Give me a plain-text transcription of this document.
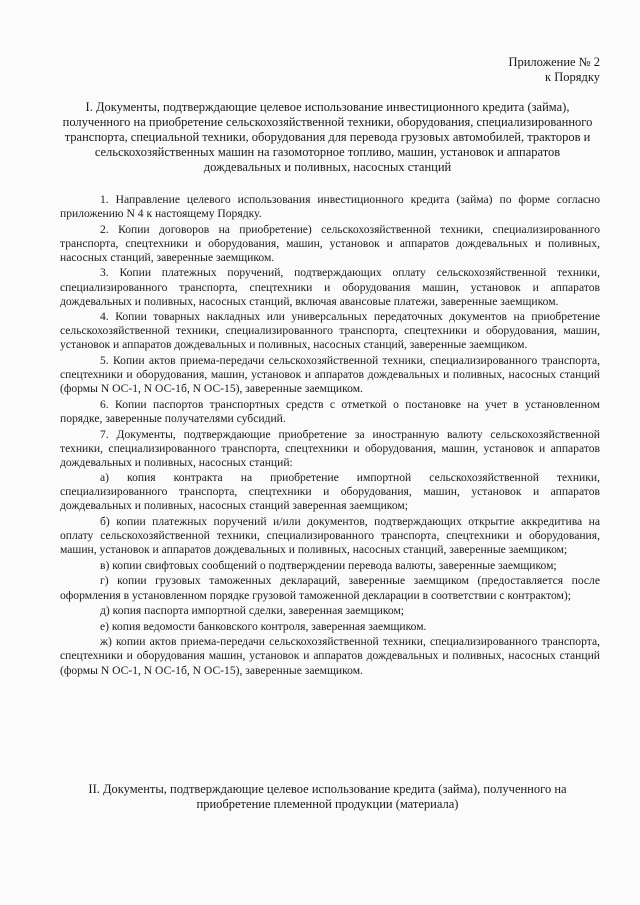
Приложение № 2
к Порядку
I. Документы, подтверждающие целевое использование инвестиционного кредита (займа), полученного на приобретение сельскохозяйственной техники, оборудования, специализированного транспорта, специальной техники, оборудования для перевода грузовых автомобилей, тракторов и сельскохозяйственных машин на газомоторное топливо, машин, установок и аппаратов дождевальных и поливных, насосных станций

1. Направление целевого использования инвестиционного кредита (займа) по форме согласно приложению N 4 к настоящему Порядку.

2. Копии договоров на приобретение) сельскохозяйственной техники, специализированного транспорта, спецтехники и оборудования, машин, установок и аппаратов дождевальных и поливных, насосных станций, заверенные заемщиком.

3. Копии платежных поручений, подтверждающих оплату сельскохозяйственной техники, специализированного транспорта, спецтехники и оборудования машин, установок и аппаратов дождевальных и поливных, насосных станций, включая авансовые платежи, заверенные заемщиком.

4. Копии товарных накладных или универсальных передаточных документов на приобретение сельскохозяйственной техники, специализированного транспорта, спецтехники и оборудования, машин, установок и аппаратов дождевальных и поливных, насосных станций, заверенные заемщиком.

5. Копии актов приема-передачи сельскохозяйственной техники, специализированного транспорта, спецтехники и оборудования, машин, установок и аппаратов дождевальных и поливных, насосных станций (формы N ОС-1, N ОС-1б, N ОС-15), заверенные заемщиком.

6. Копии паспортов транспортных средств с отметкой о постановке на учет в установленном порядке, заверенные получателями субсидий.

7. Документы, подтверждающие приобретение за иностранную валюту сельскохозяйственной техники, специализированного транспорта, спецтехники и оборудования, машин, установок и аппаратов дождевальных и поливных, насосных станций:

а) копия контракта на приобретение импортной сельскохозяйственной техники, специализированного транспорта, спецтехники и оборудования, машин, установок и аппаратов дождевальных и поливных, насосных станций заверенная заемщиком;

б) копии платежных поручений и/или документов, подтверждающих открытие аккредитива на оплату сельскохозяйственной техники, специализированного транспорта, спецтехники и оборудования, машин, установок и аппаратов дождевальных и поливных, насосных станций, заверенные заемщиком;

в) копии свифтовых сообщений о подтверждении перевода валюты, заверенные заемщиком;

г) копии грузовых таможенных деклараций, заверенные заемщиком (предоставляется после оформления в установленном порядке грузовой таможенной декларации в соответствии с контрактом);

д) копия паспорта импортной сделки, заверенная заемщиком;

е) копия ведомости банковского контроля, заверенная заемщиком.

ж) копии актов приема-передачи сельскохозяйственной техники, специализированного транспорта, спецтехники и оборудования машин, установок и аппаратов дождевальных и поливных, насосных станций (формы N ОС-1, N ОС-1б, N ОС-15), заверенные заемщиком.

II. Документы, подтверждающие целевое использование кредита (займа), полученного на приобретение племенной продукции (материала)
